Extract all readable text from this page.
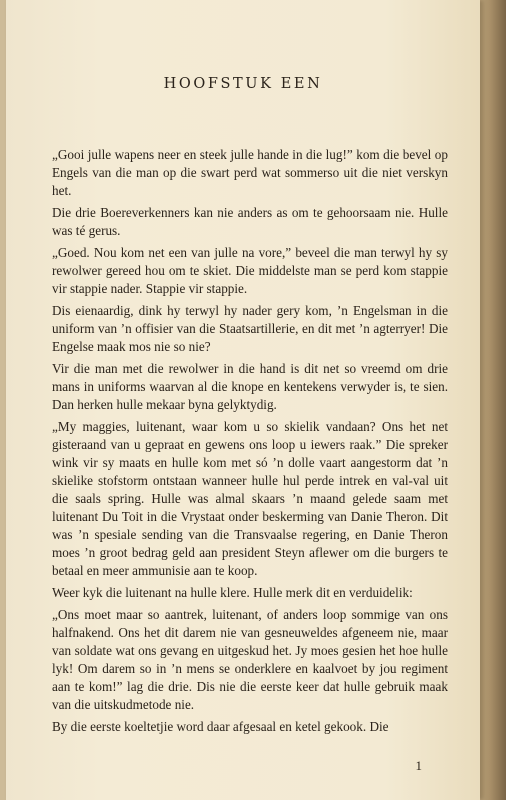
HOOFSTUK EEN

„Gooi julle wapens neer en steek julle hande in die lug!” kom die bevel op Engels van die man op die swart perd wat sommerso uit die niet verskyn het.

Die drie Boereverkenners kan nie anders as om te gehoorsaam nie. Hulle was té gerus.

„Goed. Nou kom net een van julle na vore,” beveel die man terwyl hy sy rewolwer gereed hou om te skiet. Die middelste man se perd kom stappie vir stappie nader. Stappie vir stappie.

Dis eienaardig, dink hy terwyl hy nader gery kom, ’n Engelsman in die uniform van ’n offisier van die Staatsartillerie, en dit met ’n agterryer! Die Engelse maak mos nie so nie?

Vir die man met die rewolwer in die hand is dit net so vreemd om drie mans in uniforms waarvan al die knope en kentekens verwyder is, te sien. Dan herken hulle mekaar byna gelyktydig.

„My maggies, luitenant, waar kom u so skielik vandaan? Ons het net gisteraand van u gepraat en gewens ons loop u iewers raak.” Die spreker wink vir sy maats en hulle kom met só ’n dolle vaart aangestorm dat ’n skielike stofstorm ontstaan wanneer hulle hul perde intrek en val-val uit die saals spring. Hulle was almal skaars ’n maand gelede saam met luitenant Du Toit in die Vrystaat onder beskerming van Danie Theron. Dit was ’n spesiale sending van die Transvaalse regering, en Danie Theron moes ’n groot bedrag geld aan president Steyn aflewer om die burgers te betaal en meer ammunisie aan te koop.

Weer kyk die luitenant na hulle klere. Hulle merk dit en verduidelik:

„Ons moet maar so aantrek, luitenant, of anders loop sommige van ons halfnakend. Ons het dit darem nie van gesneuweldes afgeneem nie, maar van soldate wat ons gevang en uitgeskud het. Jy moes gesien het hoe hulle lyk! Om darem so in ’n mens se onderklere en kaalvoet by jou regiment aan te kom!” lag die drie. Dis nie die eerste keer dat hulle gebruik maak van die uitskudmetode nie.

By die eerste koeltetjie word daar afgesaal en ketel gekook. Die

1
